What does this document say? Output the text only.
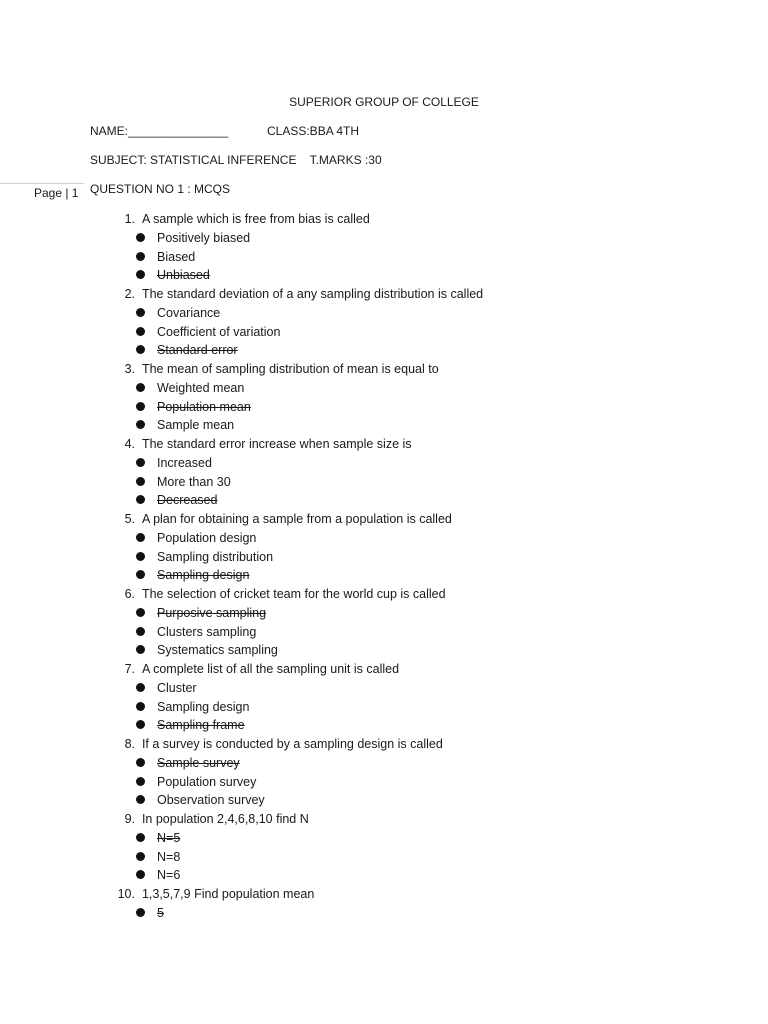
SUPERIOR GROUP OF COLLEGE
NAME:_______________	CLASS:BBA 4TH
SUBJECT: STATISTICAL INFERENCE    T.MARKS :30
Page | 1 QUESTION NO 1 : MCQS
1. A sample which is free from bias is called
Positively biased
Biased
Unbiased
2. The standard deviation of a any sampling distribution is called
Covariance
Coefficient of variation
Standard error
3. The mean of sampling distribution of mean is equal to
Weighted mean
Population mean
Sample mean
4. The standard error increase when sample size is
Increased
More than 30
Decreased
5. A plan for obtaining a sample from a population is called
Population design
Sampling distribution
Sampling design
6. The selection of cricket team for the world cup is called
Purposive sampling
Clusters sampling
Systematics sampling
7. A complete list of all the sampling unit is called
Cluster
Sampling design
Sampling frame
8. If a survey is conducted by a sampling design is called
Sample survey
Population survey
Observation survey
9. In population 2,4,6,8,10 find N
N=5
N=8
N=6
10. 1,3,5,7,9 Find population mean
5
